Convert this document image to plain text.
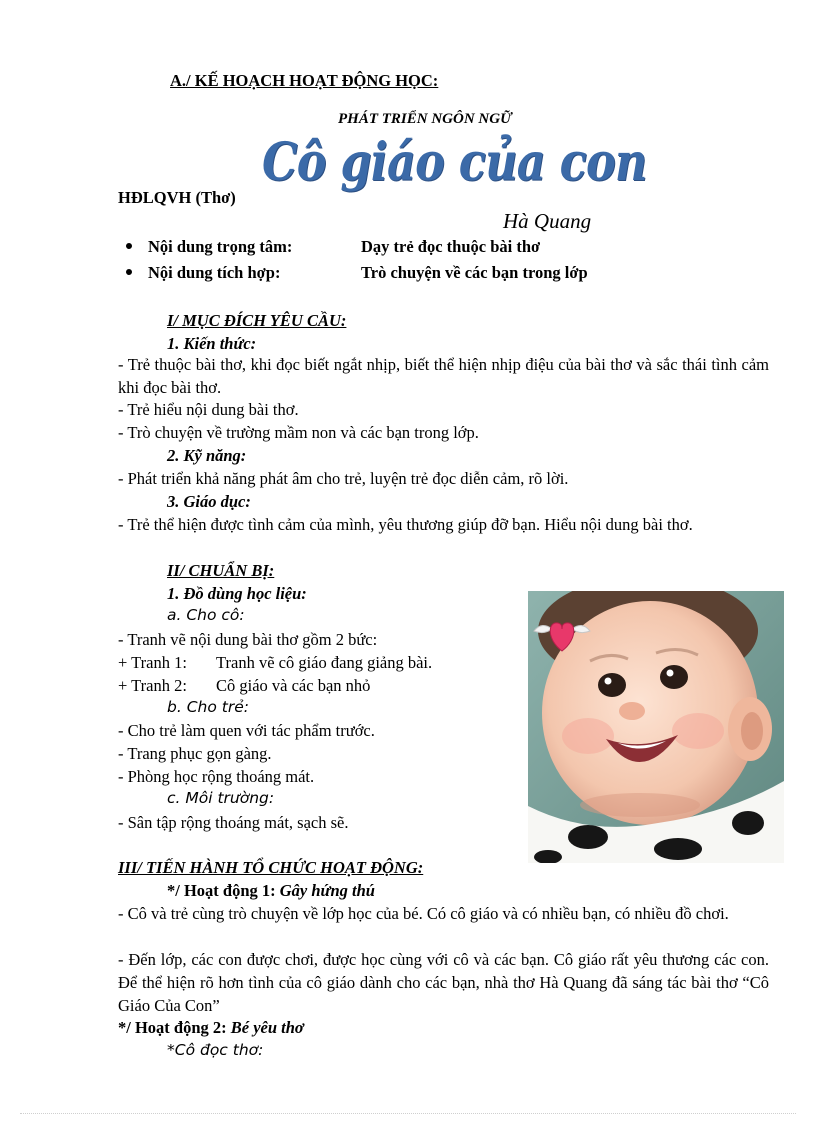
A./ KẾ HOẠCH HOẠT ĐỘNG HỌC:
PHÁT TRIỂN NGÔN NGỮ
Cô giáo của con
HĐLQVH (Thơ)
Hà Quang
Nội dung trọng tâm:	Dạy trẻ đọc thuộc bài thơ
Nội dung tích hợp:	Trò chuyện về các bạn trong lớp
I/ MỤC ĐÍCH YÊU CẦU:
1. Kiến thức:
- Trẻ thuộc bài thơ, khi đọc biết ngắt nhịp, biết thể hiện nhịp điệu của bài thơ và sắc thái tình cảm khi đọc bài thơ.
- Trẻ hiểu nội dung bài thơ.
- Trò chuyện về trường mầm non và các bạn trong lớp.
2. Kỹ năng:
- Phát triển khả năng phát âm cho trẻ, luyện trẻ đọc diễn cảm, rõ lời.
3. Giáo dục:
- Trẻ thể hiện được tình cảm của mình, yêu thương giúp đỡ bạn. Hiểu nội dung bài thơ.
II/ CHUẨN BỊ:
1. Đồ dùng học liệu:
a. Cho cô:
- Tranh vẽ nội dung bài thơ gồm 2 bức:
+ Tranh 1: Tranh vẽ cô giáo đang giảng bài.
+ Tranh 2: Cô giáo và các bạn nhỏ
b. Cho trẻ:
- Cho trẻ làm quen với tác phẩm trước.
- Trang phục gọn gàng.
- Phòng học rộng thoáng mát.
c. Môi trường:
- Sân tập rộng thoáng mát, sạch sẽ.
III/ TIẾN HÀNH TỔ CHỨC HOẠT ĐỘNG:
*/ Hoạt động 1: Gây hứng thú
- Cô và trẻ cùng trò chuyện về lớp học của bé. Có cô giáo và có nhiều bạn, có nhiều đồ chơi.
- Đến lớp, các con được chơi, được học cùng với cô và các bạn. Cô giáo rất yêu thương các con. Để thể hiện rõ hơn tình của cô giáo dành cho các bạn, nhà thơ Hà Quang đã sáng tác bài thơ “Cô Giáo Của Con”
*/ Hoạt động 2: Bé yêu thơ
*Cô đọc thơ:
